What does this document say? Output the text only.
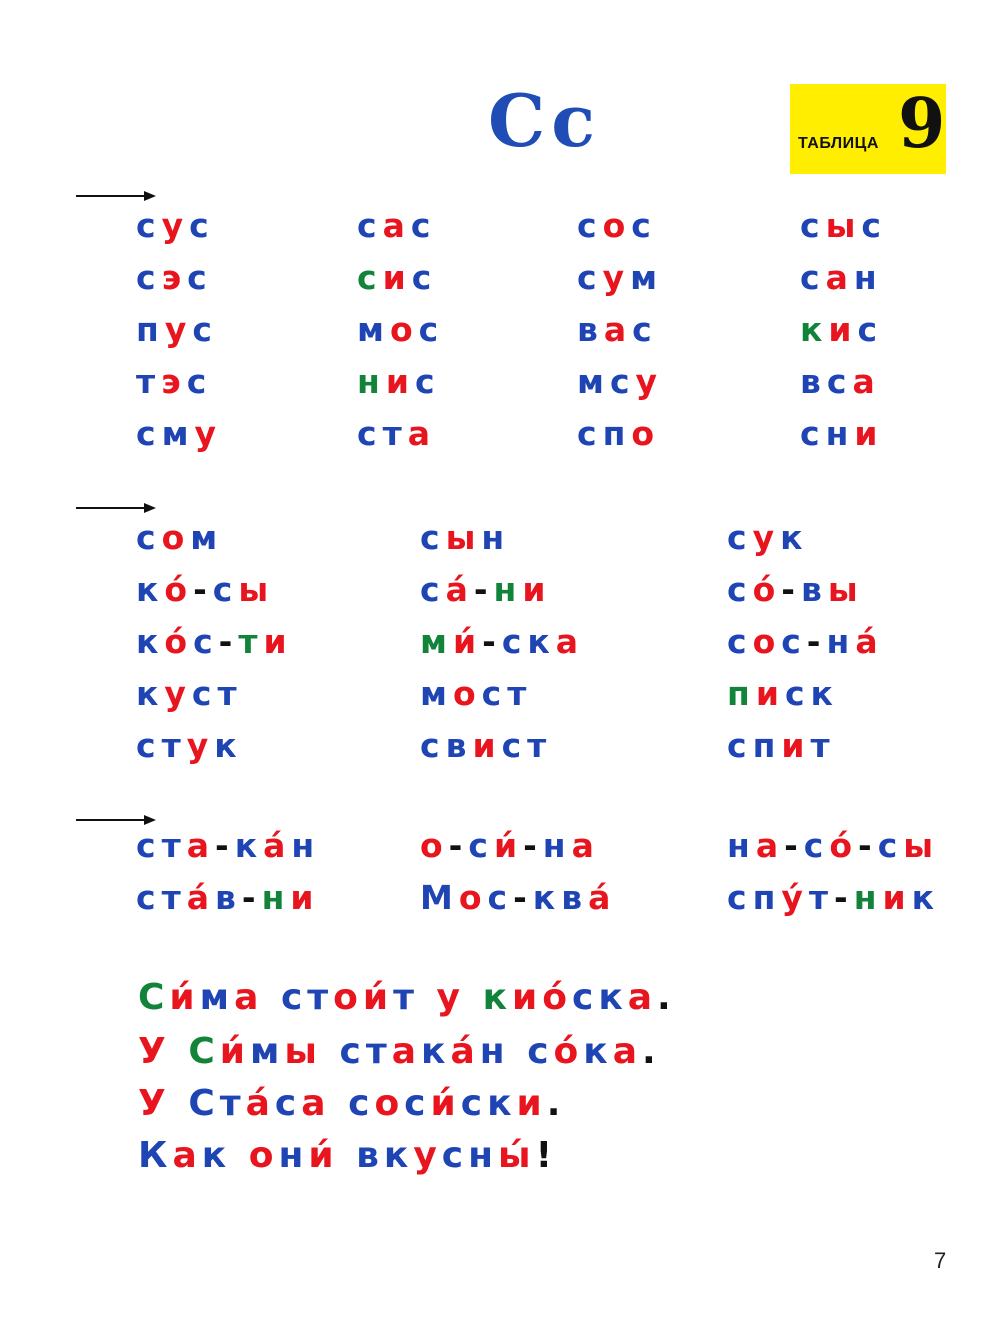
Сс	ТАБЛИЦА 9
сус
сэс
пус
тэс
сму
сас
сис
мос
нис
ста
сос
сум
вас
мсу
спо
сыс
сан
кис
вса
сни
сом
ко́-сы
ко́с-ти
куст
стук
сын
са́-ни
ми́-ска
мост
свист
сук
со́-вы
сос-на́
писк
спит
ста-ка́н
ста́в-ни
о-си́-на
Мос-ква́
на-со́-сы
спу́т-ник
Си́ма стои́т у кио́ска.
У Си́мы стака́н со́ка.
У Ста́са соси́ски.
Как они́ вкусны́!
7
